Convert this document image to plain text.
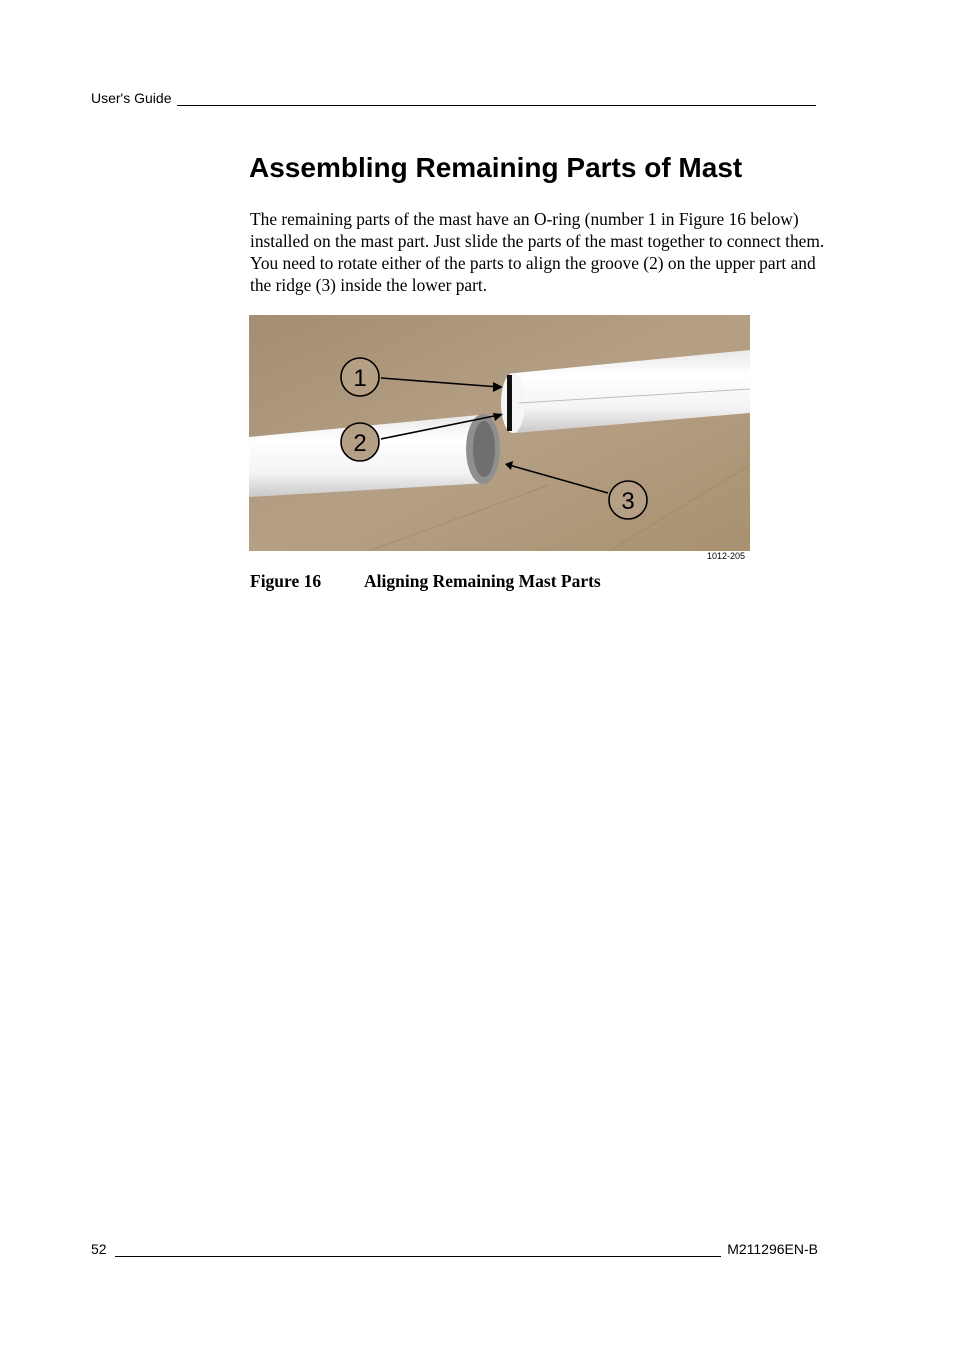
User's Guide
Assembling Remaining Parts of Mast

The remaining parts of the mast have an O-ring (number 1 in Figure 16 below) installed on the mast part. Just slide the parts of the mast together to connect them. You need to rotate either of the parts to align the groove (2) on the upper part and the ridge (3) inside the lower part.

1
2
3
1012-205

Figure 16 Aligning Remaining Mast Parts

52	M211296EN-B
